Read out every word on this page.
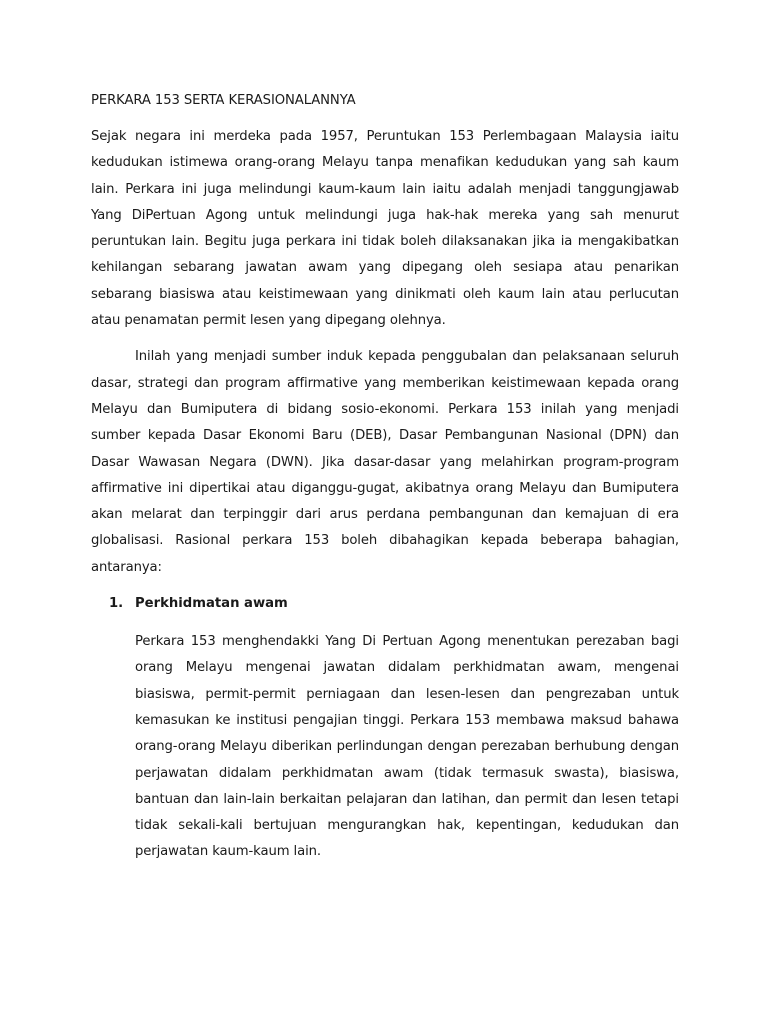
PERKARA 153 SERTA KERASIONALANNYA

Sejak negara ini merdeka pada 1957, Peruntukan 153 Perlembagaan Malaysia iaitu kedudukan istimewa orang-orang Melayu tanpa menafikan kedudukan yang sah kaum lain. Perkara ini juga melindungi kaum-kaum lain iaitu adalah menjadi tanggungjawab Yang DiPertuan Agong untuk melindungi juga hak-hak mereka yang sah menurut peruntukan lain. Begitu juga perkara ini tidak boleh dilaksanakan jika ia mengakibatkan kehilangan sebarang jawatan awam yang dipegang oleh sesiapa atau penarikan sebarang biasiswa atau keistimewaan yang dinikmati oleh kaum lain atau perlucutan atau penamatan permit lesen yang dipegang olehnya.

Inilah yang menjadi sumber induk kepada penggubalan dan pelaksanaan seluruh dasar, strategi dan program affirmative yang memberikan keistimewaan kepada orang Melayu dan Bumiputera di bidang sosio-ekonomi. Perkara 153 inilah yang menjadi sumber kepada Dasar Ekonomi Baru (DEB), Dasar Pembangunan Nasional (DPN) dan Dasar Wawasan Negara (DWN). Jika dasar-dasar yang melahirkan program-program affirmative ini dipertikai atau diganggu-gugat, akibatnya orang Melayu dan Bumiputera akan melarat dan terpinggir dari arus perdana pembangunan dan kemajuan di era globalisasi. Rasional perkara 153 boleh dibahagikan kepada beberapa bahagian, antaranya:

1. Perkhidmatan awam

Perkara 153 menghendakki Yang Di Pertuan Agong menentukan perezaban bagi orang Melayu mengenai jawatan didalam perkhidmatan awam, mengenai biasiswa, permit-permit perniagaan dan lesen-lesen dan pengrezaban untuk kemasukan ke institusi pengajian tinggi. Perkara 153 membawa maksud bahawa orang-orang Melayu diberikan perlindungan dengan perezaban berhubung dengan perjawatan didalam perkhidmatan awam (tidak termasuk swasta), biasiswa, bantuan dan lain-lain berkaitan pelajaran dan latihan, dan permit dan lesen tetapi tidak sekali-kali bertujuan mengurangkan hak, kepentingan, kedudukan dan perjawatan kaum-kaum lain.
